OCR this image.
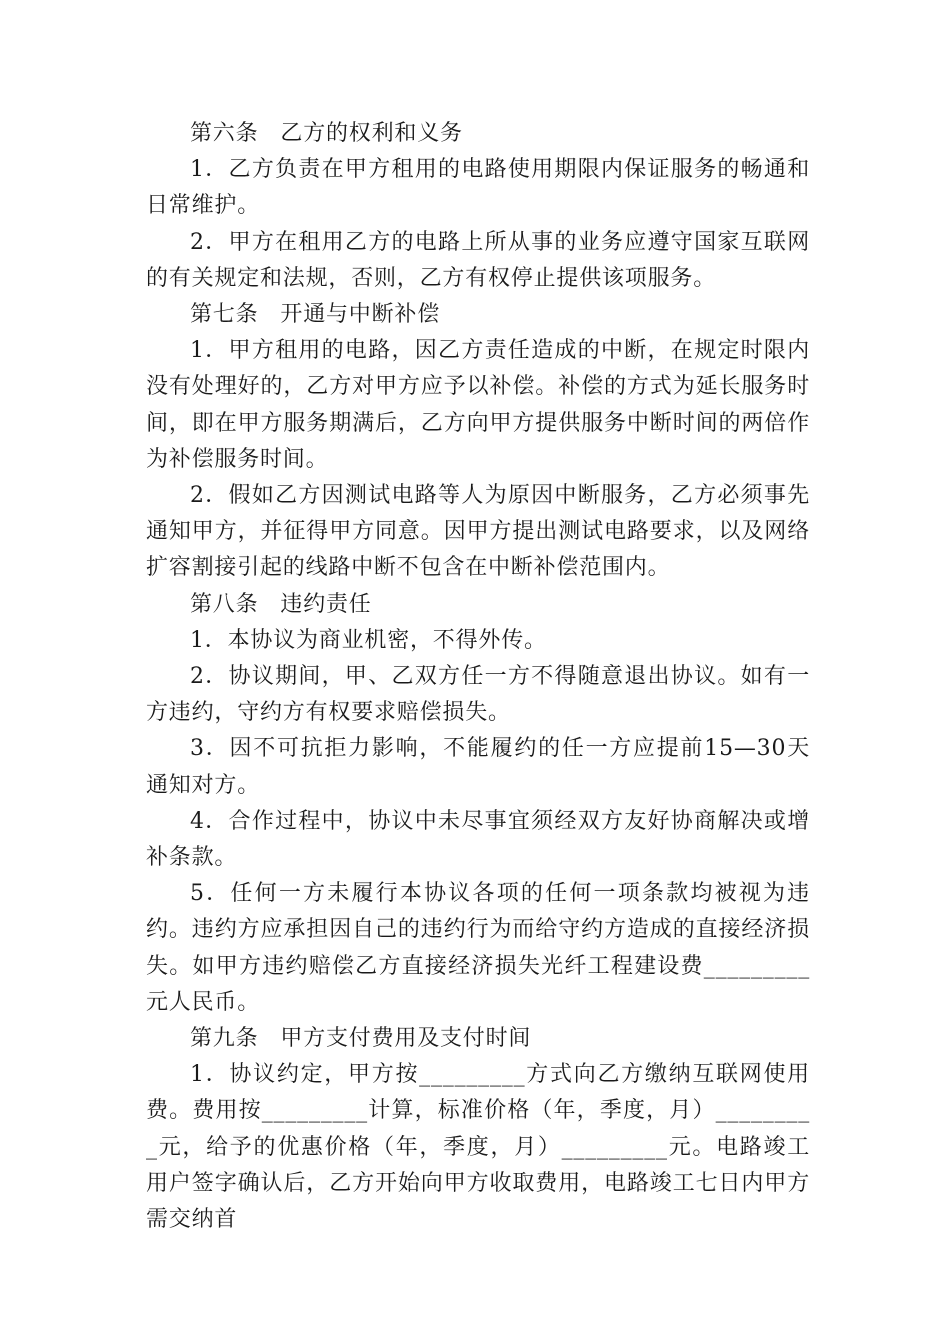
第六条 乙方的权利和义务

1．乙方负责在甲方租用的电路使用期限内保证服务的畅通和日常维护。

2．甲方在租用乙方的电路上所从事的业务应遵守国家互联网的有关规定和法规，否则，乙方有权停止提供该项服务。

第七条 开通与中断补偿

1．甲方租用的电路，因乙方责任造成的中断，在规定时限内没有处理好的，乙方对甲方应予以补偿。补偿的方式为延长服务时间，即在甲方服务期满后，乙方向甲方提供服务中断时间的两倍作为补偿服务时间。

2．假如乙方因测试电路等人为原因中断服务，乙方必须事先通知甲方，并征得甲方同意。因甲方提出测试电路要求，以及网络扩容割接引起的线路中断不包含在中断补偿范围内。

第八条 违约责任

1．本协议为商业机密，不得外传。

2．协议期间，甲、乙双方任一方不得随意退出协议。如有一方违约，守约方有权要求赔偿损失。

3．因不可抗拒力影响，不能履约的任一方应提前15—30天通知对方。

4．合作过程中，协议中未尽事宜须经双方友好协商解决或增补条款。

5．任何一方未履行本协议各项的任何一项条款均被视为违约。违约方应承担因自己的违约行为而给守约方造成的直接经济损失。如甲方违约赔偿乙方直接经济损失光纤工程建设费_________元人民币。

第九条 甲方支付费用及支付时间

1．协议约定，甲方按_________方式向乙方缴纳互联网使用费。费用按_________计算，标准价格（年，季度，月）_________元，给予的优惠价格（年，季度，月）_________元。电路竣工用户签字确认后，乙方开始向甲方收取费用，电路竣工七日内甲方需交纳首
